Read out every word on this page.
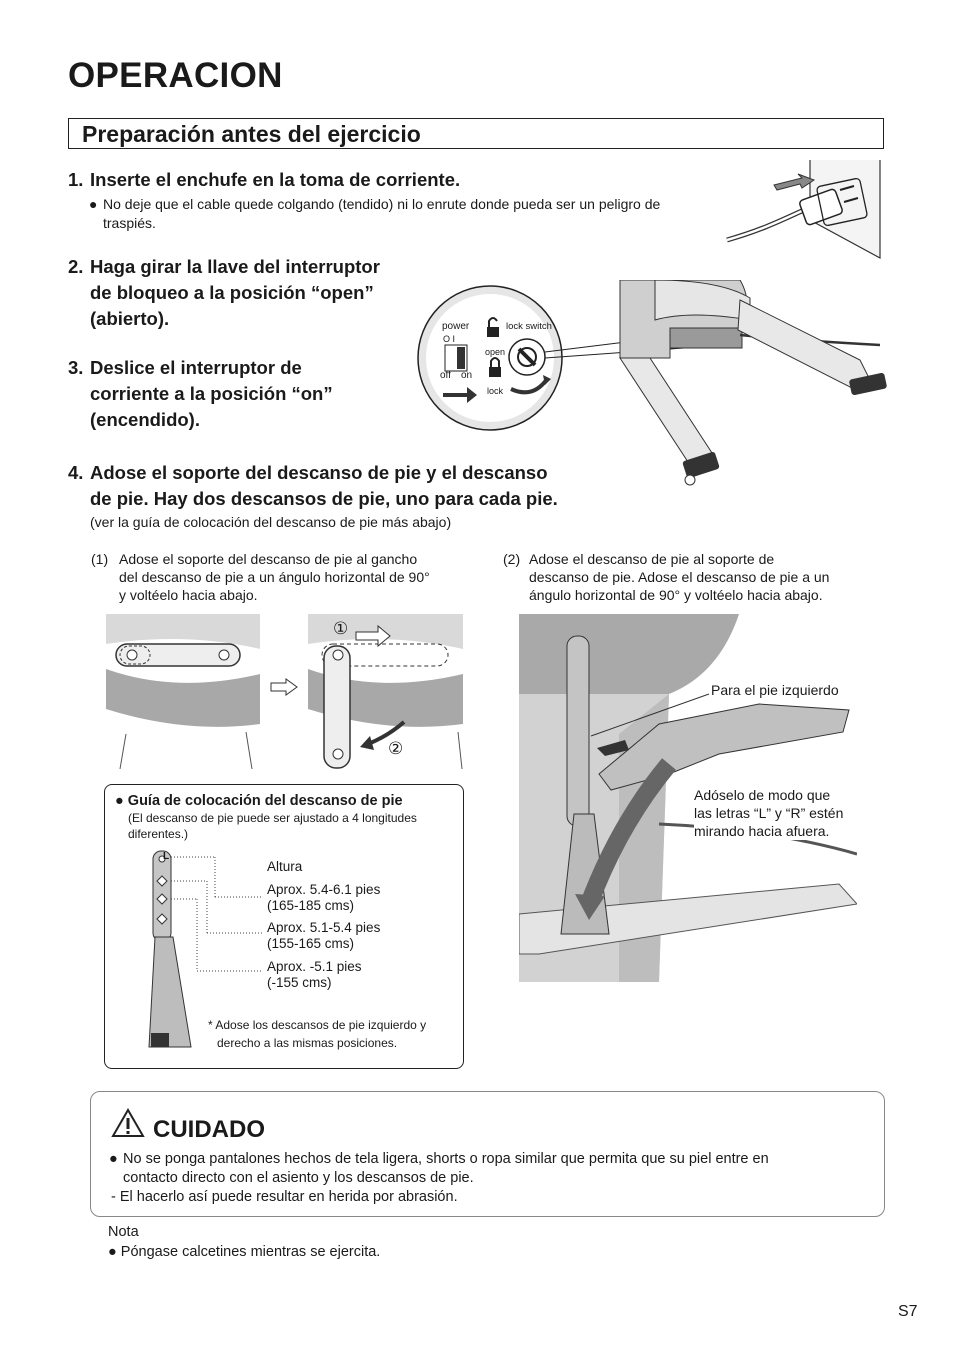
OPERACION
Preparación antes del ejercicio
1. Inserte el enchufe en la toma de corriente.
● No deje que el cable quede colgando (tendido) ni lo enrute donde pueda ser un peligro de traspiés.
2. Haga girar la llave del interruptor
de bloqueo a la posición “open”
(abierto).
3. Deslice el interruptor de
corriente a la posición “on”
(encendido).
power
O I
off on
lock switch
open
lock
4. Adose el soporte del descanso de pie y el descanso
de pie. Hay dos descansos de pie, uno para cada pie.
(ver la guía de colocación del descanso de pie más abajo)
(1) Adose el soporte del descanso de pie al gancho
del descanso de pie a un ángulo horizontal de 90°
y voltéelo hacia abajo.
(2) Adose el descanso de pie al soporte de
descanso de pie. Adose el descanso de pie a un
ángulo horizontal de 90° y voltéelo hacia abajo.
①
②
Para el pie izquierdo
Adóselo de modo que
las letras “L” y “R” estén
mirando hacia afuera.
● Guía de colocación del descanso de pie
(El descanso de pie puede ser ajustado a 4 longitudes
diferentes.)
L
Altura
Aprox. 5.4-6.1 pies
(165-185 cms)
Aprox. 5.1-5.4 pies
(155-165 cms)
Aprox. -5.1 pies
(-155 cms)
* Adose los descansos de pie izquierdo y
derecho a las mismas posiciones.
CUIDADO
● No se ponga pantalones hechos de tela ligera, shorts o ropa similar que permita que su piel entre en
contacto directo con el asiento y los descansos de pie.
- El hacerlo así puede resultar en herida por abrasión.
Nota
● Póngase calcetines mientras se ejercita.
S7
